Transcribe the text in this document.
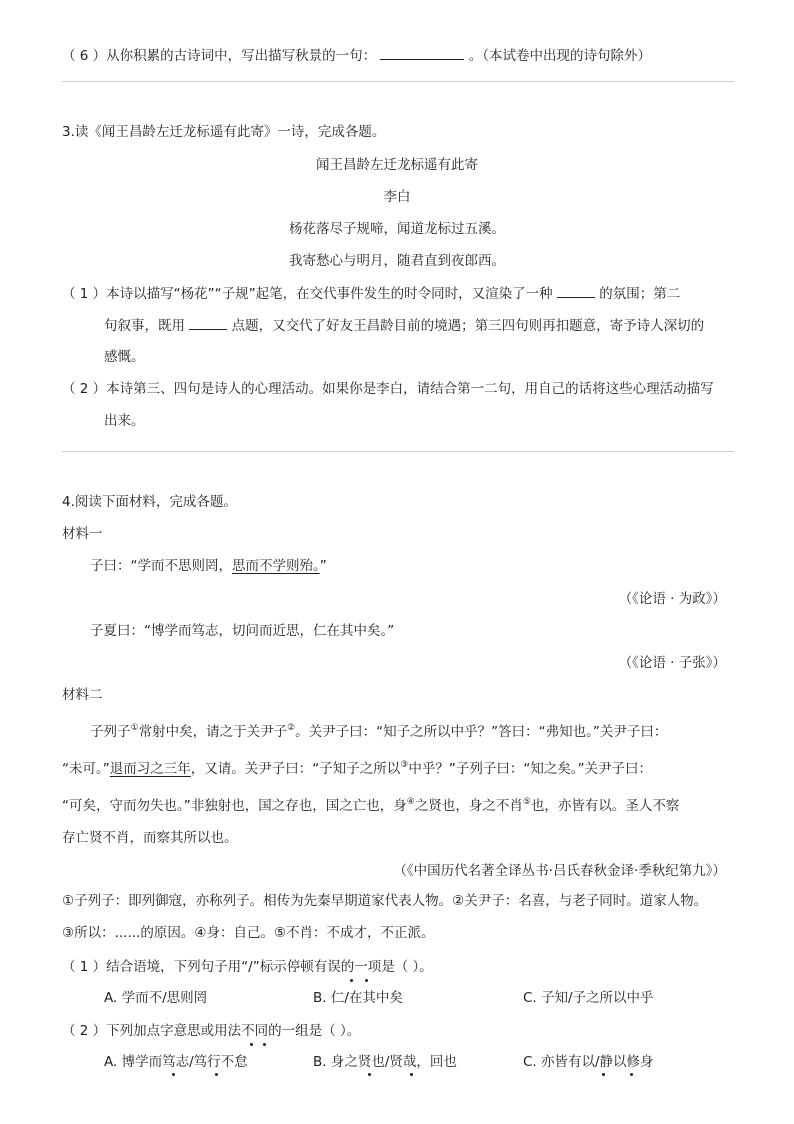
（ 6 ）从你积累的古诗词中，写出描写秋景的一句：	。（本试卷中出现的诗句除外）
3.读《闻王昌龄左迁龙标遥有此寄》一诗，完成各题。
闻王昌龄左迁龙标遥有此寄
李白
杨花落尽子规啼，闻道龙标过五溪。
我寄愁心与明月，随君直到夜郎西。
（ 1 ）本诗以描写“杨花”“子规”起笔，在交代事件发生的时令同时，又渲染了一种	的氛围；第二
句叙事，既用	点题，又交代了好友王昌龄目前的境遇；第三四句则再扣题意，寄予诗人深切的
感慨。
（ 2 ）本诗第三、四句是诗人的心理活动。如果你是李白，请结合第一二句，用自己的话将这些心理活动描写
出来。
4.阅读下面材料，完成各题。
材料一
子曰：“学而不思则罔，思而不学则殆。”
（《论语 · 为政》）
子夏曰：“博学而笃志，切问而近思，仁在其中矣。”
（《论语 · 子张》）
材料二
子列子①常射中矣，请之于关尹子②。关尹子曰：“知子之所以中乎？”答曰：“弗知也。”关尹子曰：
“未可。”退而习之三年，又请。关尹子曰：“子知子之所以③中乎？”子列子曰：“知之矣。”关尹子曰：
“可矣，守而勿失也。”非独射也，国之存也，国之亡也，身④之贤也，身之不肖⑤也，亦皆有以。圣人不察
存亡贤不肖，而察其所以也。
（《中国历代名著全译丛书·吕氏春秋金译·季秋纪第九》）
①子列子：即列御寇，亦称列子。相传为先秦早期道家代表人物。②关尹子：名喜，与老子同时。道家人物。
③所以：......的原因。④身：自己。⑤不肖：不成才，不正派。
（ 1 ）结合语境，下列句子用“/”标示停顿有误的一项是（ ）。
A. 学而不/思则罔	B. 仁/在其中矣	C. 子知/子之所以中乎
（ 2 ）下列加点字意思或用法不同的一组是（ ）。
A. 博学而笃志/笃行不怠	B. 身之贤也/贤哉，回也	C. 亦皆有以/静以修身
